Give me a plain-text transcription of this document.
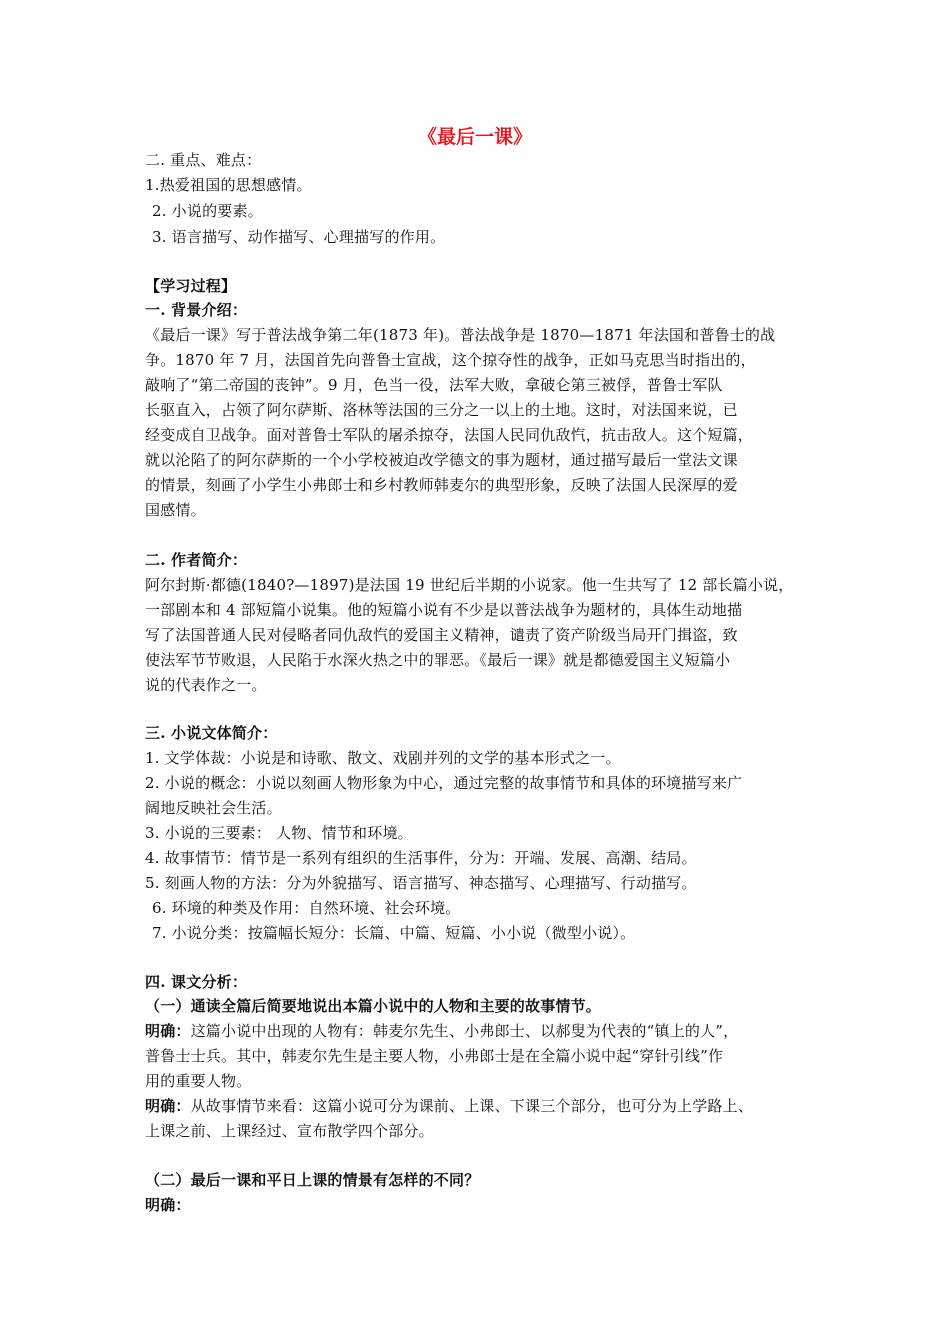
《最后一课》
二. 重点、难点：
1.热爱祖国的思想感情。
2. 小说的要素。
3. 语言描写、动作描写、心理描写的作用。
【学习过程】
一. 背景介绍：
《最后一课》写于普法战争第二年(1873 年)。普法战争是 1870—1871 年法国和普鲁士的战
争。1870 年 7 月，法国首先向普鲁士宣战，这个掠夺性的战争，正如马克思当时指出的，
敲响了“第二帝国的丧钟”。9 月，色当一役，法军大败，拿破仑第三被俘，普鲁士军队
长驱直入，占领了阿尔萨斯、洛林等法国的三分之一以上的土地。这时，对法国来说，已
经变成自卫战争。面对普鲁士军队的屠杀掠夺，法国人民同仇敌忾，抗击敌人。这个短篇，
就以沦陷了的阿尔萨斯的一个小学校被迫改学德文的事为题材，通过描写最后一堂法文课
的情景，刻画了小学生小弗郎士和乡村教师韩麦尔的典型形象，反映了法国人民深厚的爱
国感情。
二. 作者简介：
阿尔封斯·都德(1840?—1897)是法国 19 世纪后半期的小说家。他一生共写了 12 部长篇小说，
一部剧本和 4 部短篇小说集。他的短篇小说有不少是以普法战争为题材的，具体生动地描
写了法国普通人民对侵略者同仇敌忾的爱国主义精神，谴责了资产阶级当局开门揖盗，致
使法军节节败退，人民陷于水深火热之中的罪恶。《最后一课》就是都德爱国主义短篇小
说的代表作之一。
三. 小说文体简介：
1. 文学体裁：小说是和诗歌、散文、戏剧并列的文学的基本形式之一。
2. 小说的概念：小说以刻画人物形象为中心，通过完整的故事情节和具体的环境描写来广
阔地反映社会生活。
3. 小说的三要素： 人物、情节和环境。
4. 故事情节：情节是一系列有组织的生活事件，分为：开端、发展、高潮、结局。
5. 刻画人物的方法：分为外貌描写、语言描写、神态描写、心理描写、行动描写。
6. 环境的种类及作用：自然环境、社会环境。
7. 小说分类：按篇幅长短分：长篇、中篇、短篇、小小说（微型小说）。
四. 课文分析：
（一）通读全篇后简要地说出本篇小说中的人物和主要的故事情节。
明确：这篇小说中出现的人物有：韩麦尔先生、小弗郎士、以郝叟为代表的“镇上的人”，
普鲁士士兵。其中，韩麦尔先生是主要人物，小弗郎士是在全篇小说中起“穿针引线”作
用的重要人物。
明确：从故事情节来看：这篇小说可分为课前、上课、下课三个部分，也可分为上学路上、
上课之前、上课经过、宣布散学四个部分。
（二）最后一课和平日上课的情景有怎样的不同？
明确：
